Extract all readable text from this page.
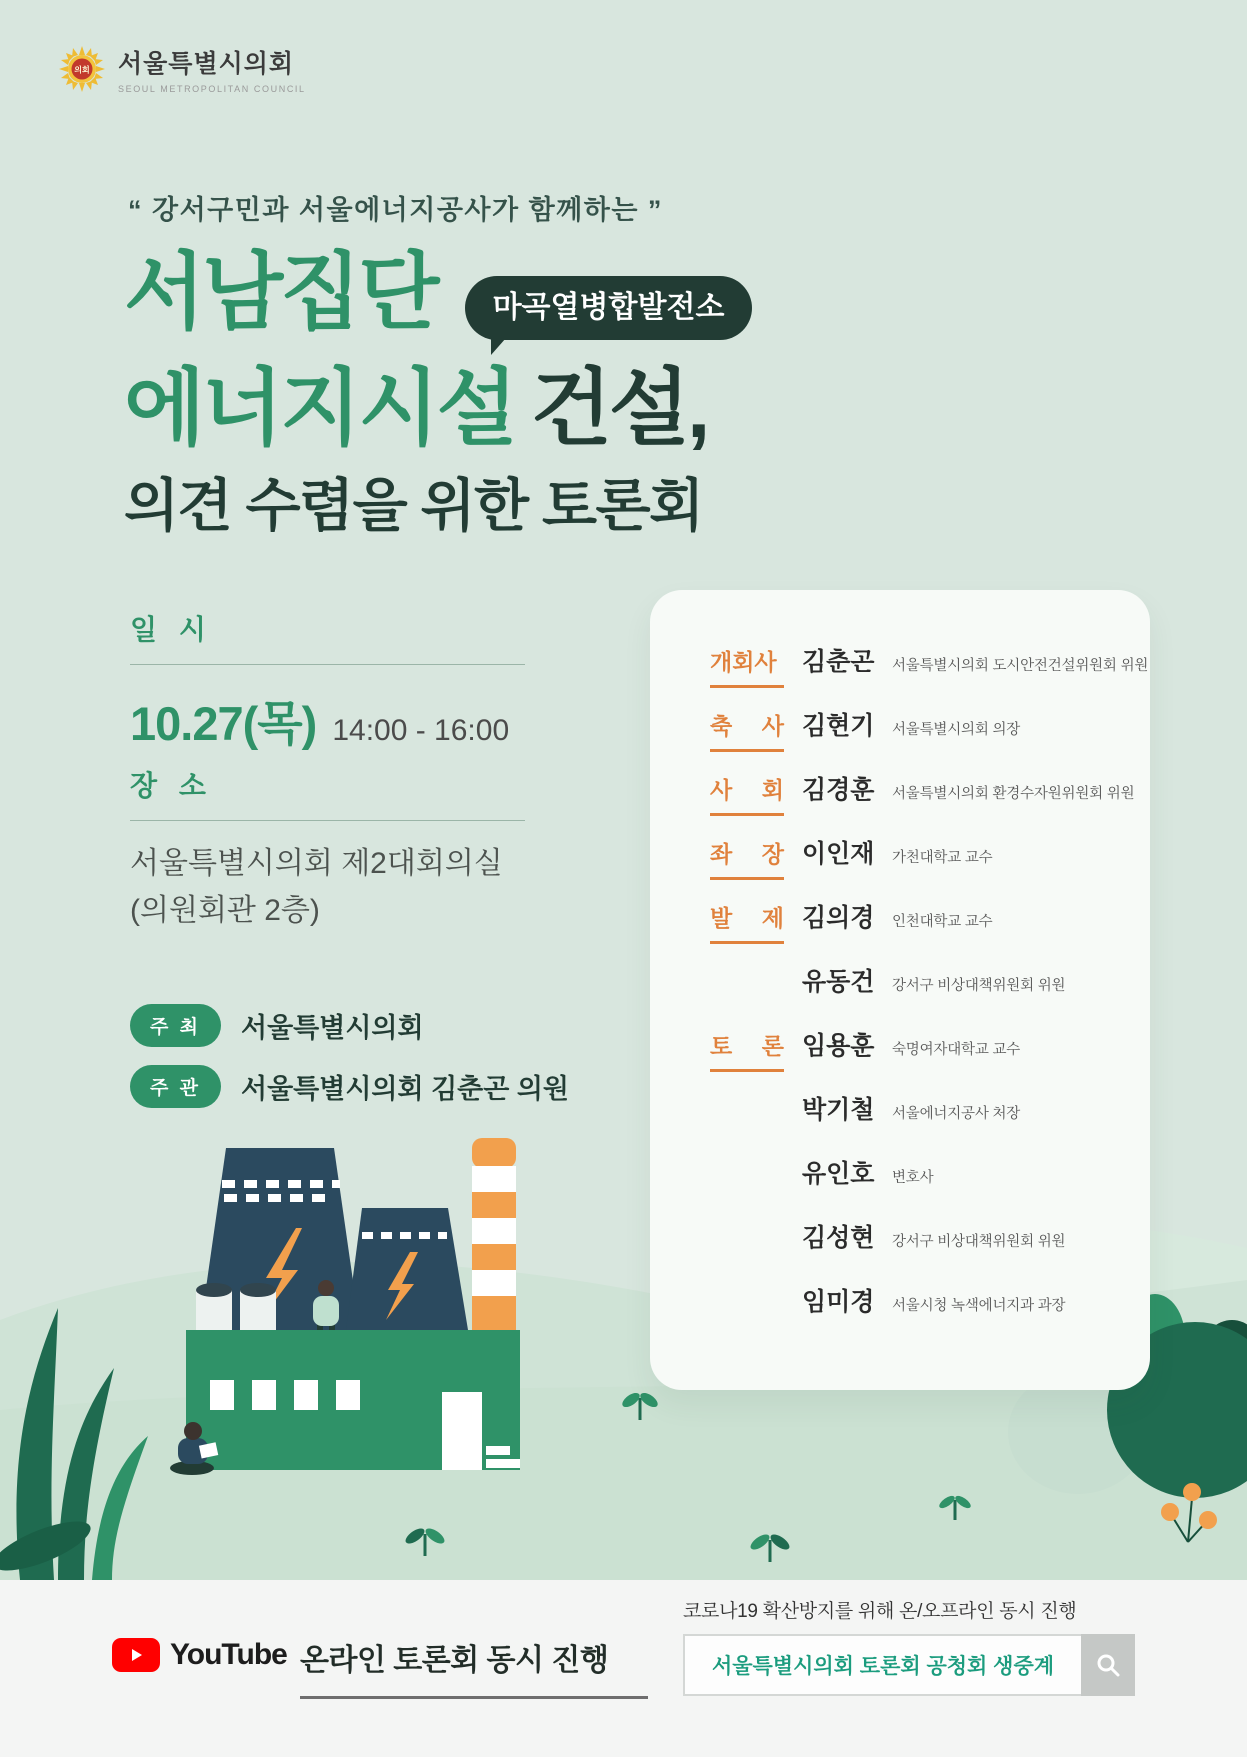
의회 서울특별시의회
SEOUL METROPOLITAN COUNCIL
“ 강서구민과 서울에너지공사가 함께하는 ”
서남집단	마곡열병합발전소
에너지시설 건설,
의견 수렴을 위한 토론회
일 시
10.27(목) 14:00 - 16:00
장 소
서울특별시의회 제2대회의실
(의원회관 2층)
주 최	서울특별시의회
주 관	서울특별시의회 김춘곤 의원
개회사 김춘곤	서울특별시의회 도시안전건설위원회 위원
축 사 김현기	서울특별시의회 의장
사 회 김경훈	서울특별시의회 환경수자원위원회 위원
좌 장 이인재	가천대학교 교수
발 제 김의경	인천대학교 교수
유동건	강서구 비상대책위원회 위원
토 론 임용훈	숙명여자대학교 교수
박기철	서울에너지공사 처장
유인호	변호사
김성현	강서구 비상대책위원회 위원
임미경	서울시청 녹색에너지과 과장
YouTube 온라인 토론회 동시 진행
코로나19 확산방지를 위해 온/오프라인 동시 진행
서울특별시의회 토론회 공청회 생중계
